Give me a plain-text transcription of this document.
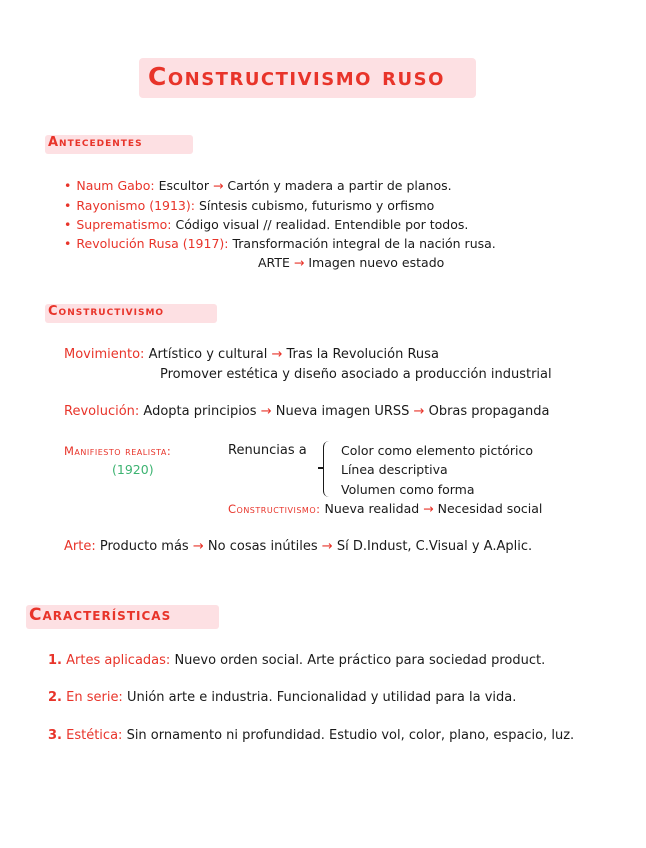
Constructivismo ruso
Antecedentes
• Naum Gabo: Escultor → Cartón y madera a partir de planos.
• Rayonismo (1913): Síntesis cubismo, futurismo y orfismo
• Suprematismo: Código visual // realidad. Entendible por todos.
• Revolución Rusa (1917): Transformación integral de la nación rusa.
ARTE → Imagen nuevo estado
Constructivismo
Movimiento: Artístico y cultural → Tras la Revolución Rusa
Promover estética y diseño asociado a producción industrial
Revolución: Adopta principios → Nueva imagen URSS → Obras propaganda
Manifiesto realista:
(1920)
Renuncias a	Color como elemento pictórico
Línea descriptiva
Volumen como forma
Constructivismo: Nueva realidad → Necesidad social
Arte: Producto más → No cosas inútiles → Sí D.Indust, C.Visual y A.Aplic.
Características
1. Artes aplicadas: Nuevo orden social. Arte práctico para sociedad product.
2. En serie: Unión arte e industria. Funcionalidad y utilidad para la vida.
3. Estética: Sin ornamento ni profundidad. Estudio vol, color, plano, espacio, luz.
